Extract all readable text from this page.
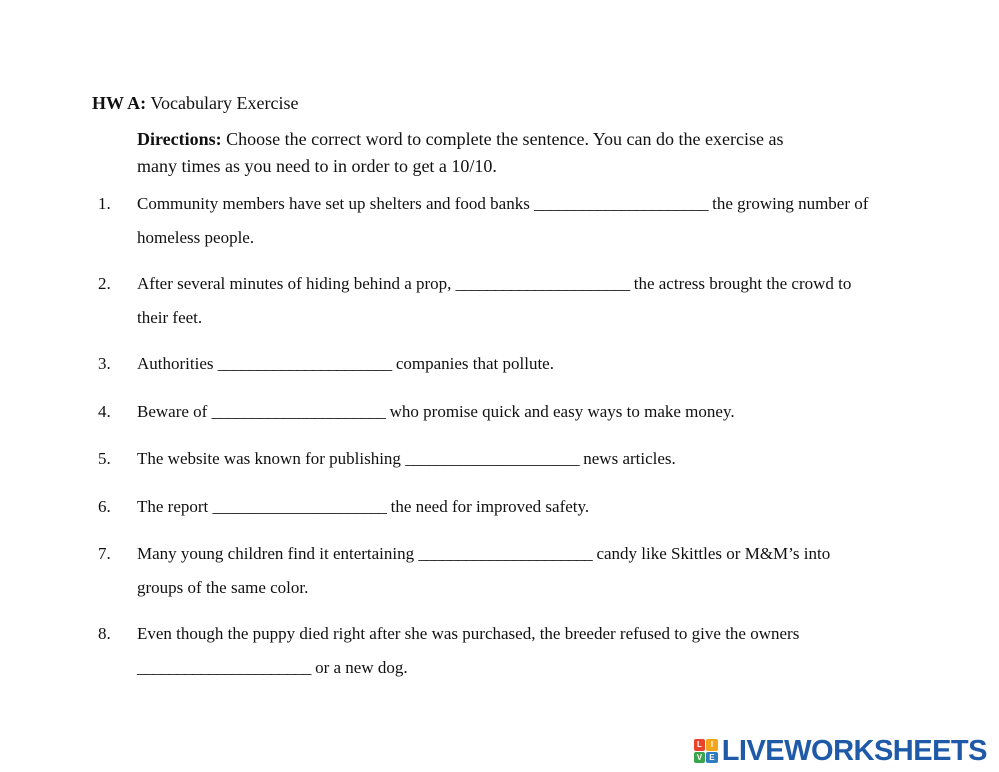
HW A: Vocabulary Exercise
Directions: Choose the correct word to complete the sentence. You can do the exercise as
many times as you need to in order to get a 10/10.
1. Community members have set up shelters and food banks ______________________ the growing number of
homeless people.
2. After several minutes of hiding behind a prop, ______________________ the actress brought the crowd to
their feet.
3. Authorities ______________________ companies that pollute.
4. Beware of ______________________ who promise quick and easy ways to make money.
5. The website was known for publishing ______________________ news articles.
6. The report ______________________ the need for improved safety.
7. Many young children find it entertaining ______________________ candy like Skittles or M&M’s into
groups of the same color.
8. Even though the puppy died right after she was purchased, the breeder refused to give the owners
______________________ or a new dog.
L	I
V E LIVEWORKSHEETS
